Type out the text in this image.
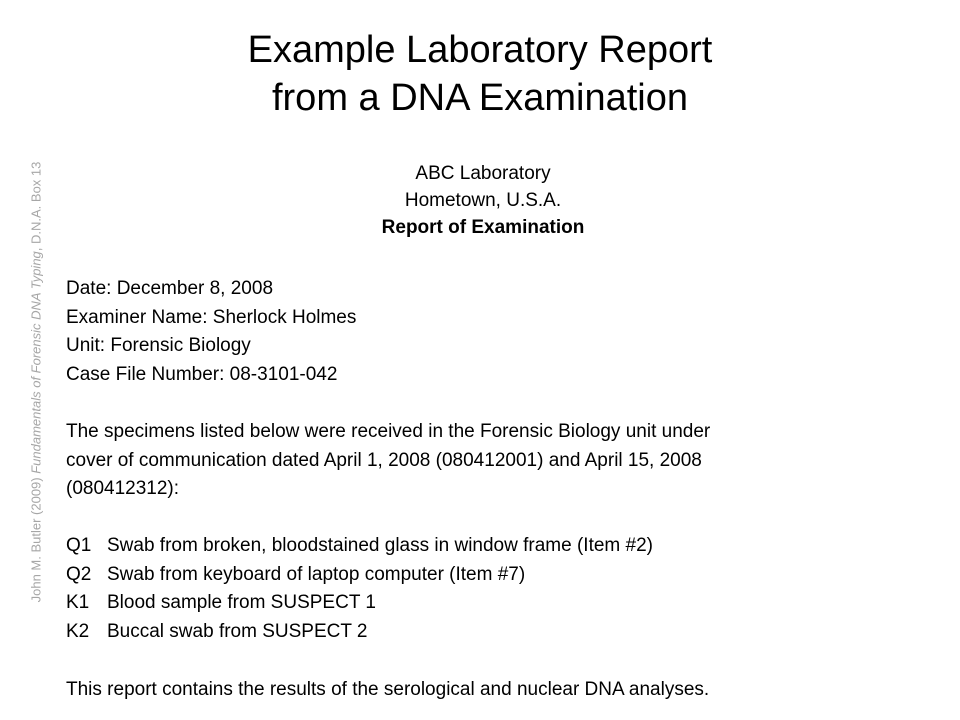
John M. Butler (2009) Fundamentals of Forensic DNA Typing, D.N.A. Box 13
Example Laboratory Report
from a DNA Examination
ABC Laboratory
Hometown, U.S.A.
Report of Examination
Date: December 8, 2008
Examiner Name: Sherlock Holmes
Unit: Forensic Biology
Case File Number: 08-3101-042
The specimens listed below were received in the Forensic Biology unit under
cover of communication dated April 1, 2008 (080412001) and April 15, 2008
(080412312):
Q1 Swab from broken, bloodstained glass in window frame (Item #2)
Q2 Swab from keyboard of laptop computer (Item #7)
K1 Blood sample from SUSPECT 1
K2 Buccal swab from SUSPECT 2
This report contains the results of the serological and nuclear DNA analyses.
